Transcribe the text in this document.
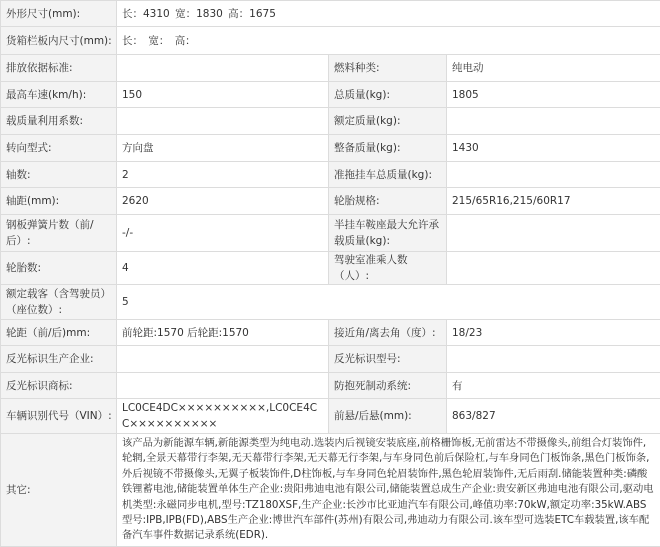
外形尺寸(mm):	长：4310 宽：1830 高：1675		
货箱栏板内尺寸(mm):	长： 宽： 高：		
排放依据标准:		燃料种类:	纯电动
最高车速(km/h):	150	总质量(kg):	1805
载质量利用系数:		额定质量(kg):	
转向型式:	方向盘	整备质量(kg):	1430
轴数:	2	准拖挂车总质量(kg):	
轴距(mm):	2620	轮胎规格:	215/65R16,215/60R17
钢板弹簧片数（前/后）:	-/-	半挂车鞍座最大允许承载质量(kg):	
轮胎数:	4	驾驶室准乘人数（人）:	
额定载客（含驾驶员）（座位数）:	5		
轮距（前/后)mm:	前轮距:1570 后轮距:1570	接近角/离去角（度）:	18/23
反光标识生产企业:		反光标识型号:	
反光标识商标:		防抱死制动系统:	有
车辆识别代号（VIN）:	LC0CE4DC××××××××××,LC0CE4CC××××××××××	前悬/后悬(mm):	863/827
其它:	该产品为新能源车辆,新能源类型为纯电动.选装内后视镜安装底座,前格栅饰板,无前雷达不带摄像头,前组合灯装饰件,轮辋,全景天幕带行李架,无天幕带行李架,无天幕无行李架,与车身同色前后保险杠,与车身同色门板饰条,黑色门板饰条,外后视镜不带摄像头,无翼子板装饰件,D柱饰板,与车身同色轮眉装饰件,黑色轮眉装饰件,无后雨刮.储能装置种类:磷酸铁锂蓄电池,储能装置单体生产企业:贵阳弗迪电池有限公司,储能装置总成生产企业:贵安新区弗迪电池有限公司,驱动电机类型:永磁同步电机,型号:TZ180XSF,生产企业:长沙市比亚迪汽车有限公司,峰值功率:70kW,额定功率:35kW.ABS型号:IPB,IPB(FD),ABS生产企业:博世汽车部件(苏州)有限公司,弗迪动力有限公司.该车型可选装ETC车载装置,该车配备汽车事件数据记录系统(EDR).		
